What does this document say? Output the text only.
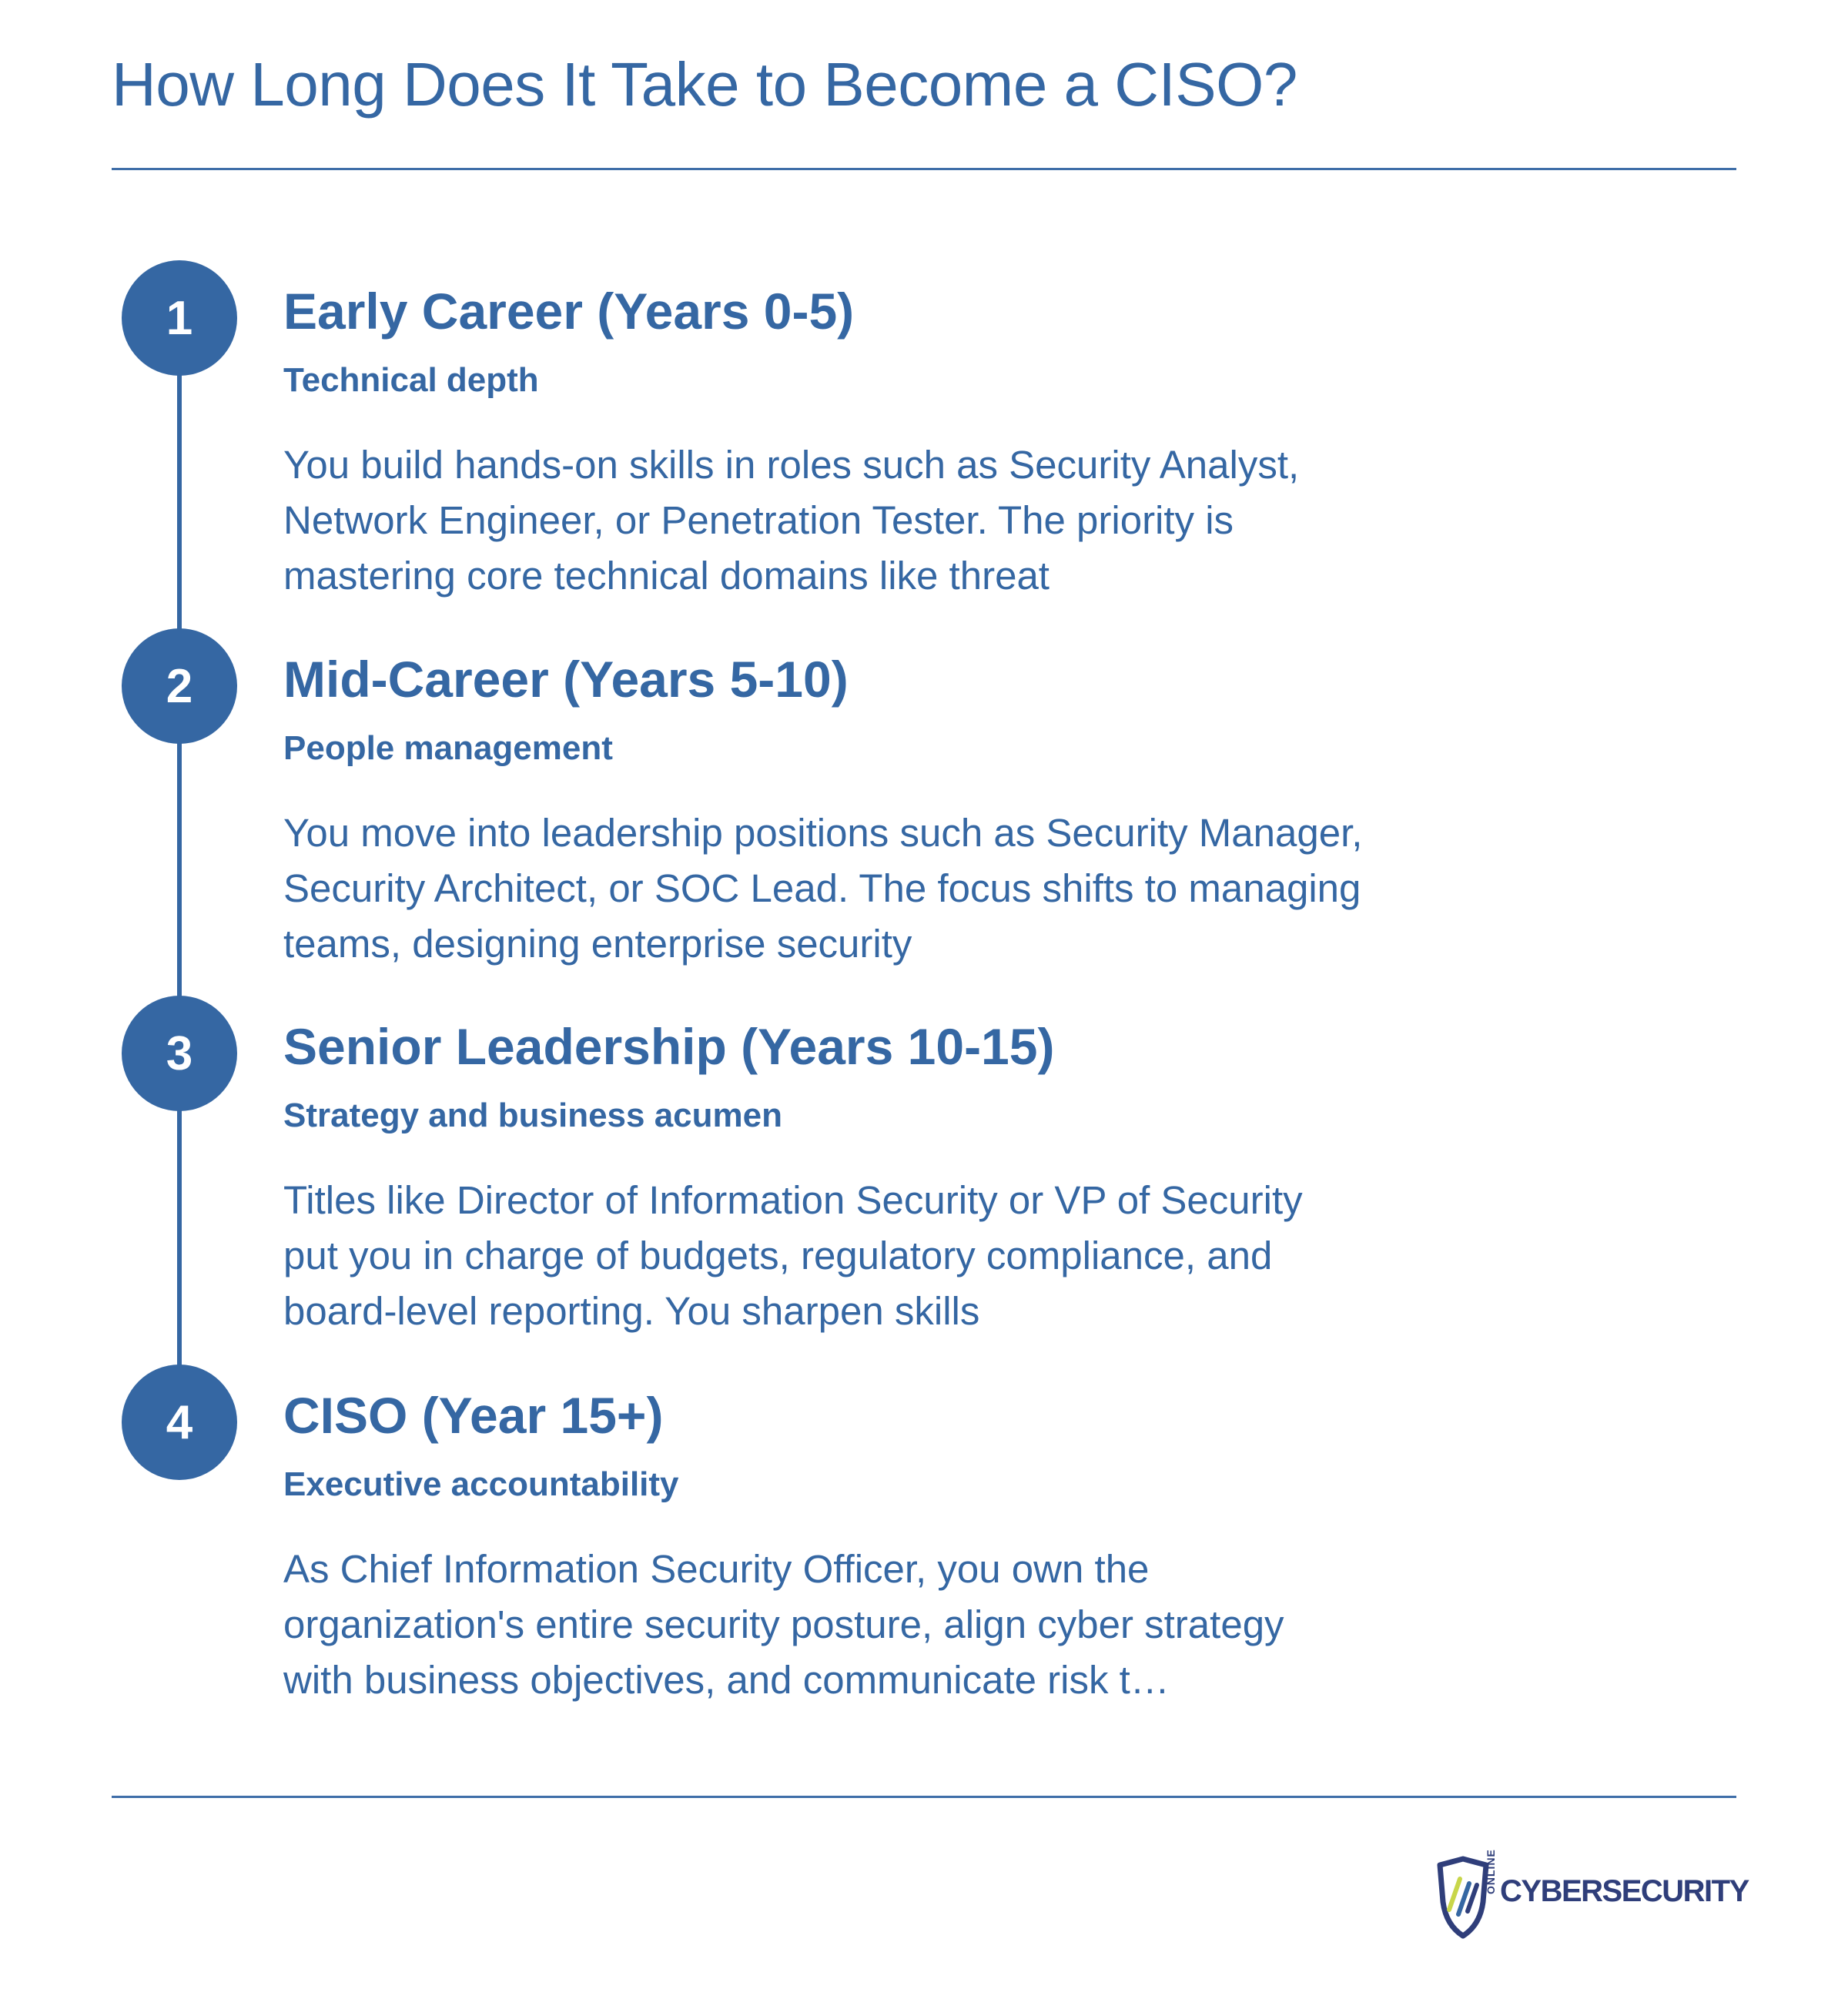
How Long Does It Take to Become a CISO?
1	Early Career (Years 0-5)
Technical depth

You build hands-on skills in roles such as Security Analyst, Network Engineer, or Penetration Tester. The priority is mastering core technical domains like threat

2	Mid-Career (Years 5-10)
People management

You move into leadership positions such as Security Manager, Security Architect, or SOC Lead. The focus shifts to managing teams, designing enterprise security

3	Senior Leadership (Years 10-15)
Strategy and business acumen

Titles like Director of Information Security or VP of Security put you in charge of budgets, regulatory compliance, and board-level reporting. You sharpen skills

4	CISO (Year 15+)
Executive accountability

As Chief Information Security Officer, you own the organization's entire security posture, align cyber strategy with business objectives, and communicate risk t…

ONLINE CYBERSECURITY
